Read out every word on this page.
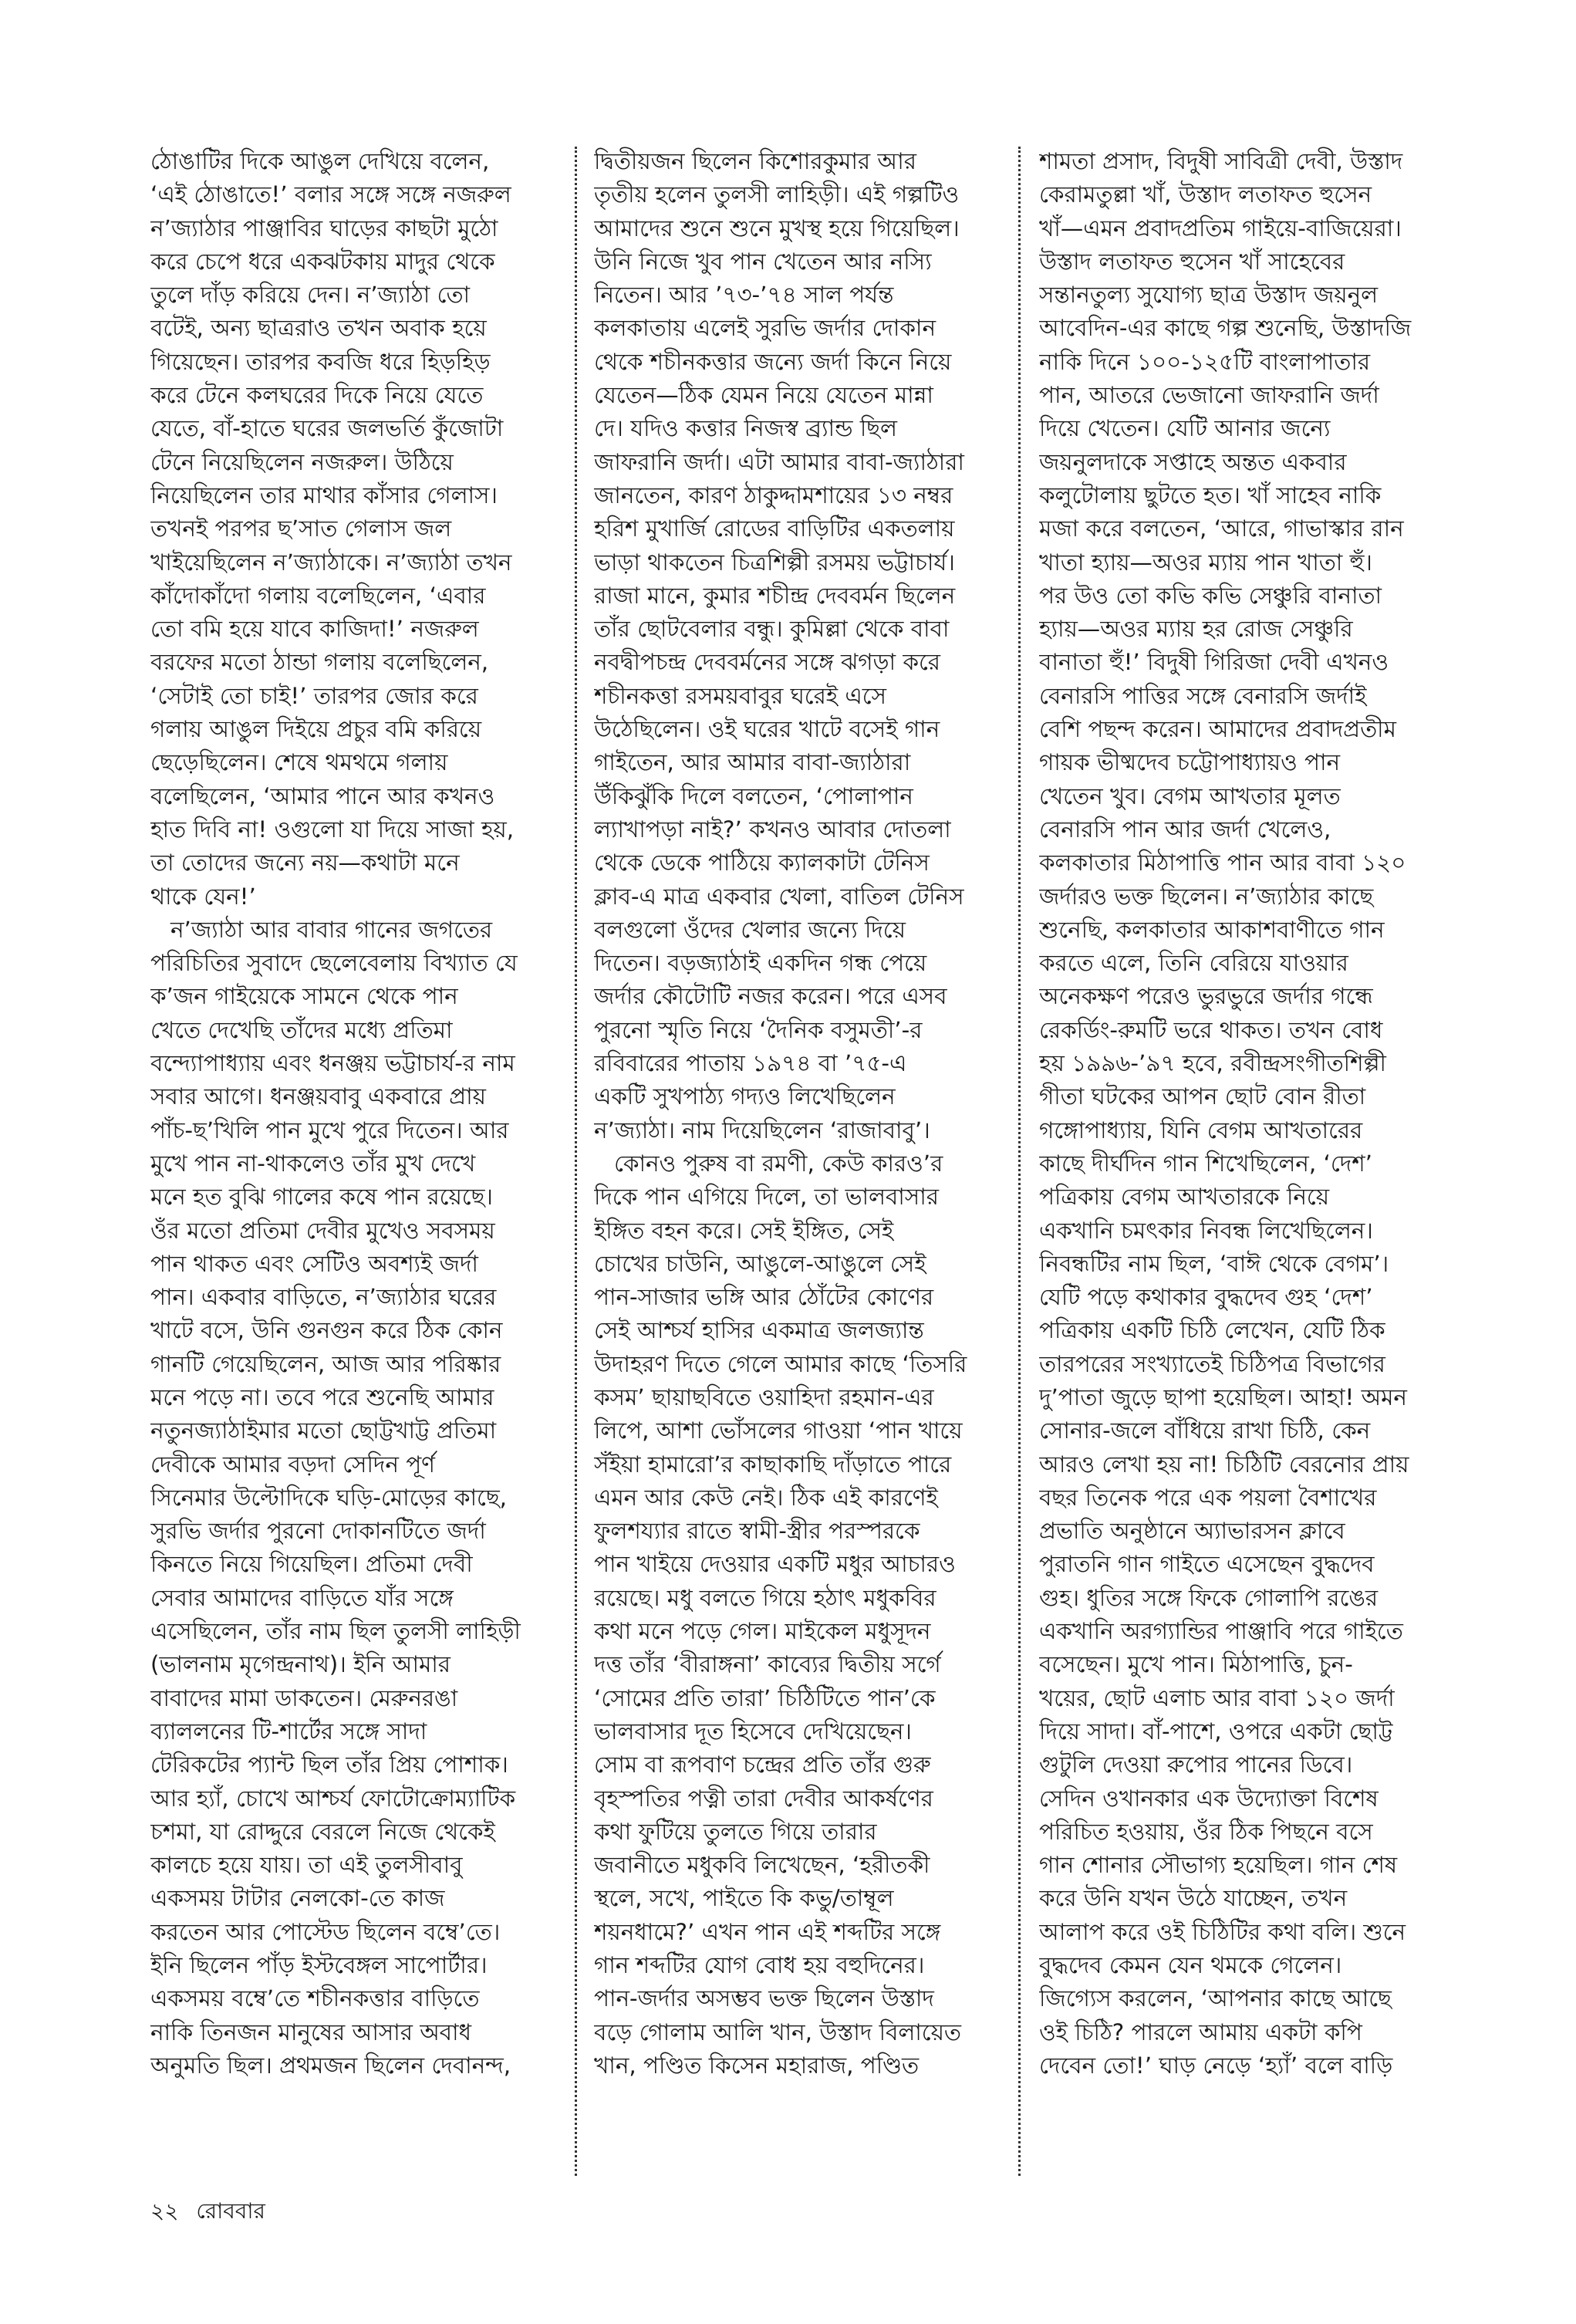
ঠোঙাটির দিকে আঙুল দেখিয়ে বলেন,
‘এই ঠোঙাতে!’ বলার সঙ্গে সঙ্গে নজরুল
ন’জ্যাঠার পাঞ্জাবির ঘাড়ের কাছটা মুঠো
করে চেপে ধরে একঝটকায় মাদুর থেকে
তুলে দাঁড় করিয়ে দেন। ন’জ্যাঠা তো
বটেই, অন্য ছাত্ররাও তখন অবাক হয়ে
গিয়েছেন। তারপর কবজি ধরে হিড়হিড়
করে টেনে কলঘরের দিকে নিয়ে যেতে
যেতে, বাঁ-হাতে ঘরের জলভর্তি কুঁজোটা
টেনে নিয়েছিলেন নজরুল। উঠিয়ে
নিয়েছিলেন তার মাথার কাঁসার গেলাস।
তখনই পরপর ছ’সাত গেলাস জল
খাইয়েছিলেন ন’জ্যাঠাকে। ন’জ্যাঠা তখন
কাঁদোকাঁদো গলায় বলেছিলেন, ‘এবার
তো বমি হয়ে যাবে কাজিদা!’ নজরুল
বরফের মতো ঠান্ডা গলায় বলেছিলেন,
‘সেটাই তো চাই!’ তারপর জোর করে
গলায় আঙুল দিইয়ে প্রচুর বমি করিয়ে
ছেড়েছিলেন। শেষে থমথমে গলায়
বলেছিলেন, ‘আমার পানে আর কখনও
হাত দিবি না! ওগুলো যা দিয়ে সাজা হয়,
তা তোদের জন্যে নয়—কথাটা মনে
থাকে যেন!’
ন’জ্যাঠা আর বাবার গানের জগতের
পরিচিতির সুবাদে ছেলেবেলায় বিখ্যাত যে
ক’জন গাইয়েকে সামনে থেকে পান
খেতে দেখেছি তাঁদের মধ্যে প্রতিমা
বন্দ্যোপাধ্যায় এবং ধনঞ্জয় ভট্টাচার্য-র নাম
সবার আগে। ধনঞ্জয়বাবু একবারে প্রায়
পাঁচ-ছ’খিলি পান মুখে পুরে দিতেন। আর
মুখে পান না-থাকলেও তাঁর মুখ দেখে
মনে হত বুঝি গালের কষে পান রয়েছে।
ওঁর মতো প্রতিমা দেবীর মুখেও সবসময়
পান থাকত এবং সেটিও অবশ্যই জর্দা
পান। একবার বাড়িতে, ন’জ্যাঠার ঘরের
খাটে বসে, উনি গুনগুন করে ঠিক কোন
গানটি গেয়েছিলেন, আজ আর পরিষ্কার
মনে পড়ে না। তবে পরে শুনেছি আমার
নতুনজ্যাঠাইমার মতো ছোট্টখাট্ট প্রতিমা
দেবীকে আমার বড়দা সেদিন পূর্ণ
সিনেমার উল্টোদিকে ঘড়ি-মোড়ের কাছে,
সুরভি জর্দার পুরনো দোকানটিতে জর্দা
কিনতে নিয়ে গিয়েছিল। প্রতিমা দেবী
সেবার আমাদের বাড়িতে যাঁর সঙ্গে
এসেছিলেন, তাঁর নাম ছিল তুলসী লাহিড়ী
(ভালনাম মৃগেন্দ্রনাথ)। ইনি আমার
বাবাদের মামা ডাকতেন। মেরুনরঙা
ব্যাললনের টি-শার্টের সঙ্গে সাদা
টেরিকটের প্যান্ট ছিল তাঁর প্রিয় পোশাক।
আর হ্যাঁ, চোখে আশ্চর্য ফোটোক্রোম্যাটিক
চশমা, যা রোদ্দুরে বেরলে নিজে থেকেই
কালচে হয়ে যায়। তা এই তুলসীবাবু
একসময় টাটার নেলকো-তে কাজ
করতেন আর পোস্টেড ছিলেন বম্বে’তে।
ইনি ছিলেন পাঁড় ইস্টবেঙ্গল সাপোর্টার।
একসময় বম্বে’তে শচীনকত্তার বাড়িতে
নাকি তিনজন মানুষের আসার অবাধ
অনুমতি ছিল। প্রথমজন ছিলেন দেবানন্দ,
দ্বিতীয়জন ছিলেন কিশোরকুমার আর
তৃতীয় হলেন তুলসী লাহিড়ী। এই গল্পটিও
আমাদের শুনে শুনে মুখস্থ হয়ে গিয়েছিল।
উনি নিজে খুব পান খেতেন আর নস্যি
নিতেন। আর ’৭৩-’৭৪ সাল পর্যন্ত
কলকাতায় এলেই সুরভি জর্দার দোকান
থেকে শচীনকত্তার জন্যে জর্দা কিনে নিয়ে
যেতেন—ঠিক যেমন নিয়ে যেতেন মান্না
দে। যদিও কত্তার নিজস্ব ব্র্যান্ড ছিল
জাফরানি জর্দা। এটা আমার বাবা-জ্যাঠারা
জানতেন, কারণ ঠাকুদ্দামশায়ের ১৩ নম্বর
হরিশ মুখার্জি রোডের বাড়িটির একতলায়
ভাড়া থাকতেন চিত্রশিল্পী রসময় ভট্টাচার্য।
রাজা মানে, কুমার শচীন্দ্র দেববর্মন ছিলেন
তাঁর ছোটবেলার বন্ধু। কুমিল্লা থেকে বাবা
নবদ্বীপচন্দ্র দেববর্মনের সঙ্গে ঝগড়া করে
শচীনকত্তা রসময়বাবুর ঘরেই এসে
উঠেছিলেন। ওই ঘরের খাটে বসেই গান
গাইতেন, আর আমার বাবা-জ্যাঠারা
উঁকিঝুঁকি দিলে বলতেন, ‘পোলাপান
ল্যাখাপড়া নাই?’ কখনও আবার দোতলা
থেকে ডেকে পাঠিয়ে ক্যালকাটা টেনিস
ক্লাব-এ মাত্র একবার খেলা, বাতিল টেনিস
বলগুলো ওঁদের খেলার জন্যে দিয়ে
দিতেন। বড়জ্যাঠাই একদিন গন্ধ পেয়ে
জর্দার কৌটোটি নজর করেন। পরে এসব
পুরনো স্মৃতি নিয়ে ‘দৈনিক বসুমতী’-র
রবিবারের পাতায় ১৯৭৪ বা ’৭৫-এ
একটি সুখপাঠ্য গদ্যও লিখেছিলেন
ন’জ্যাঠা। নাম দিয়েছিলেন ‘রাজাবাবু’।
কোনও পুরুষ বা রমণী, কেউ কারও’র
দিকে পান এগিয়ে দিলে, তা ভালবাসার
ইঙ্গিত বহন করে। সেই ইঙ্গিত, সেই
চোখের চাউনি, আঙুলে-আঙুলে সেই
পান-সাজার ভঙ্গি আর ঠোঁটের কোণের
সেই আশ্চর্য হাসির একমাত্র জলজ্যান্ত
উদাহরণ দিতে গেলে আমার কাছে ‘তিসরি
কসম’ ছায়াছবিতে ওয়াহিদা রহমান-এর
লিপে, আশা ভোঁসলের গাওয়া ‘পান খায়ে
সঁইয়া হামারো’র কাছাকাছি দাঁড়াতে পারে
এমন আর কেউ নেই। ঠিক এই কারণেই
ফুলশয্যার রাতে স্বামী-স্ত্রীর পরস্পরকে
পান খাইয়ে দেওয়ার একটি মধুর আচারও
রয়েছে। মধু বলতে গিয়ে হঠাৎ মধুকবির
কথা মনে পড়ে গেল। মাইকেল মধুসূদন
দত্ত তাঁর ‘বীরাঙ্গনা’ কাব্যের দ্বিতীয় সর্গে
‘সোমের প্রতি তারা’ চিঠিটিতে পান’কে
ভালবাসার দূত হিসেবে দেখিয়েছেন।
সোম বা রূপবাণ চন্দ্রের প্রতি তাঁর গুরু
বৃহস্পতির পত্নী তারা দেবীর আকর্ষণের
কথা ফুটিয়ে তুলতে গিয়ে তারার
জবানীতে মধুকবি লিখেছেন, ‘হরীতকী
স্থলে, সখে, পাইতে কি কভু/তাম্বূল
শয়নধামে?’ এখন পান এই শব্দটির সঙ্গে
গান শব্দটির যোগ বোধ হয় বহুদিনের।
পান-জর্দার অসম্ভব ভক্ত ছিলেন উস্তাদ
বড়ে গোলাম আলি খান, উস্তাদ বিলায়েত
খান, পণ্ডিত কিসেন মহারাজ, পণ্ডিত
শামতা প্রসাদ, বিদুষী সাবিত্রী দেবী, উস্তাদ
কেরামতুল্লা খাঁ, উস্তাদ লতাফত হুসেন
খাঁ—এমন প্রবাদপ্রতিম গাইয়ে-বাজিয়েরা।
উস্তাদ লতাফত হুসেন খাঁ সাহেবের
সন্তানতুল্য সুযোগ্য ছাত্র উস্তাদ জয়নুল
আবেদিন-এর কাছে গল্প শুনেছি, উস্তাদজি
নাকি দিনে ১০০-১২৫টি বাংলাপাতার
পান, আতরে ভেজানো জাফরানি জর্দা
দিয়ে খেতেন। যেটি আনার জন্যে
জয়নুলদাকে সপ্তাহে অন্তত একবার
কলুটোলায় ছুটতে হত। খাঁ সাহেব নাকি
মজা করে বলতেন, ‘আরে, গাভাস্কার রান
খাতা হ্যায়—অওর ম্যায় পান খাতা হুঁ।
পর উও তো কভি কভি সেঞ্চুরি বানাতা
হ্যায়—অওর ম্যায় হর রোজ সেঞ্চুরি
বানাতা হুঁ!’ বিদুষী গিরিজা দেবী এখনও
বেনারসি পাত্তির সঙ্গে বেনারসি জর্দাই
বেশি পছন্দ করেন। আমাদের প্রবাদপ্রতীম
গায়ক ভীষ্মদেব চট্টোপাধ্যায়ও পান
খেতেন খুব। বেগম আখতার মূলত
বেনারসি পান আর জর্দা খেলেও,
কলকাতার মিঠাপাত্তি পান আর বাবা ১২০
জর্দারও ভক্ত ছিলেন। ন’জ্যাঠার কাছে
শুনেছি, কলকাতার আকাশবাণীতে গান
করতে এলে, তিনি বেরিয়ে যাওয়ার
অনেকক্ষণ পরেও ভুরভুরে জর্দার গন্ধে
রেকর্ডিং-রুমটি ভরে থাকত। তখন বোধ
হয় ১৯৯৬-’৯৭ হবে, রবীন্দ্রসংগীতশিল্পী
গীতা ঘটকের আপন ছোট বোন রীতা
গঙ্গোপাধ্যায়, যিনি বেগম আখতারের
কাছে দীর্ঘদিন গান শিখেছিলেন, ‘দেশ’
পত্রিকায় বেগম আখতারকে নিয়ে
একখানি চমৎকার নিবন্ধ লিখেছিলেন।
নিবন্ধটির নাম ছিল, ‘বাঈ থেকে বেগম’।
যেটি পড়ে কথাকার বুদ্ধদেব গুহ ‘দেশ’
পত্রিকায় একটি চিঠি লেখেন, যেটি ঠিক
তারপরের সংখ্যাতেই চিঠিপত্র বিভাগের
দু’পাতা জুড়ে ছাপা হয়েছিল। আহা! অমন
সোনার-জলে বাঁধিয়ে রাখা চিঠি, কেন
আরও লেখা হয় না! চিঠিটি বেরনোর প্রায়
বছর তিনেক পরে এক পয়লা বৈশাখের
প্রভাতি অনুষ্ঠানে অ্যাভারসন ক্লাবে
পুরাতনি গান গাইতে এসেছেন বুদ্ধদেব
গুহ। ধুতির সঙ্গে ফিকে গোলাপি রঙের
একখানি অরগ্যান্ডির পাঞ্জাবি পরে গাইতে
বসেছেন। মুখে পান। মিঠাপাত্তি, চুন-
খয়ের, ছোট এলাচ আর বাবা ১২০ জর্দা
দিয়ে সাদা। বাঁ-পাশে, ওপরে একটা ছোট্ট
গুটুলি দেওয়া রুপোর পানের ডিবে।
সেদিন ওখানকার এক উদ্যোক্তা বিশেষ
পরিচিত হওয়ায়, ওঁর ঠিক পিছনে বসে
গান শোনার সৌভাগ্য হয়েছিল। গান শেষ
করে উনি যখন উঠে যাচ্ছেন, তখন
আলাপ করে ওই চিঠিটির কথা বলি। শুনে
বুদ্ধদেব কেমন যেন থমকে গেলেন।
জিগ্যেস করলেন, ‘আপনার কাছে আছে
ওই চিঠি? পারলে আমায় একটা কপি
দেবেন তো!’ ঘাড় নেড়ে ‘হ্যাঁ’ বলে বাড়ি
২২ রোববার
